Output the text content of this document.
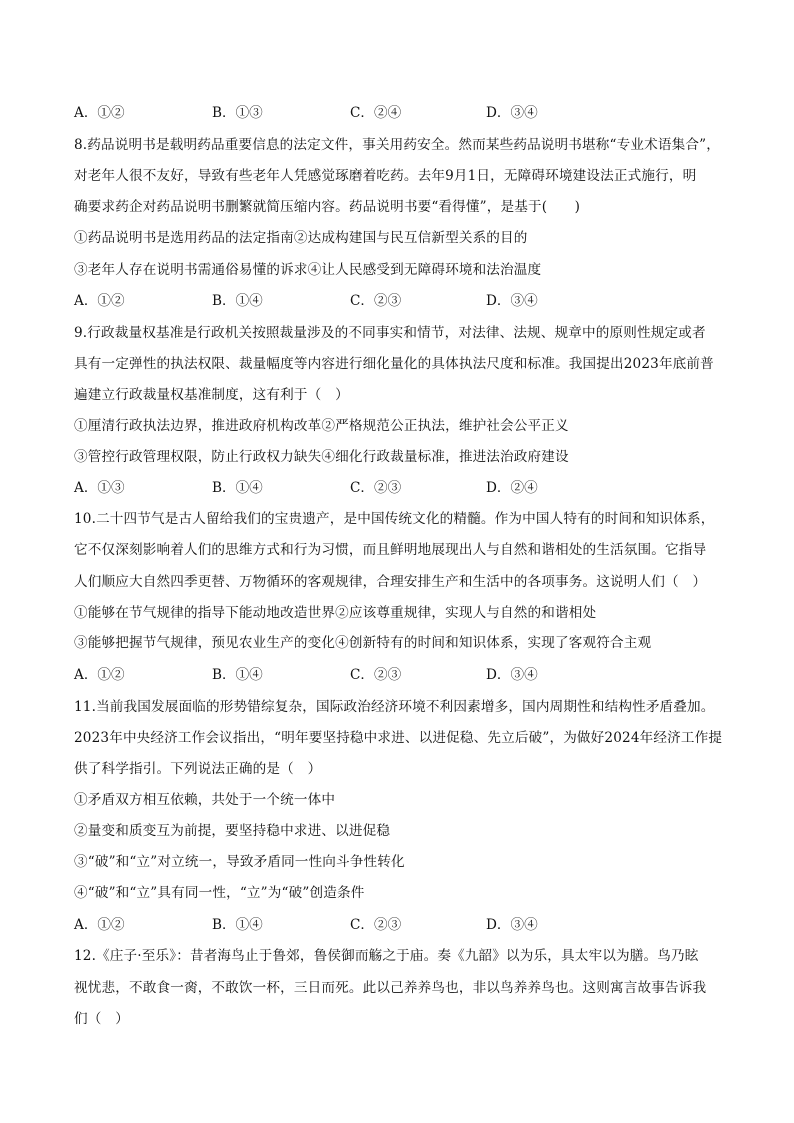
A．①②	B．①③	C．②④	D．③④
8.药品说明书是载明药品重要信息的法定文件，事关用药安全。然而某些药品说明书堪称“专业术语集合”，
对老年人很不友好，导致有些老年人凭感觉琢磨着吃药。去年9月1日，无障碍环境建设法正式施行，明
确要求药企对药品说明书删繁就简压缩内容。药品说明书要“看得懂”，是基于(　　)
①药品说明书是选用药品的法定指南②达成构建国与民互信新型关系的目的
③老年人存在说明书需通俗易懂的诉求④让人民感受到无障碍环境和法治温度
A．①②	B．①④	C．②③	D．③④
9.行政裁量权基准是行政机关按照裁量涉及的不同事实和情节，对法律、法规、规章中的原则性规定或者
具有一定弹性的执法权限、裁量幅度等内容进行细化量化的具体执法尺度和标准。我国提出2023年底前普
遍建立行政裁量权基准制度，这有利于（　）
①厘清行政执法边界，推进政府机构改革②严格规范公正执法，维护社会公平正义
③管控行政管理权限，防止行政权力缺失④细化行政裁量标准，推进法治政府建设
A．①③	B．①④	C．②③	D．②④
10.二十四节气是古人留给我们的宝贵遗产，是中国传统文化的精髓。作为中国人特有的时间和知识体系，
它不仅深刻影响着人们的思维方式和行为习惯，而且鲜明地展现出人与自然和谐相处的生活氛围。它指导
人们顺应大自然四季更替、万物循环的客观规律，合理安排生产和生活中的各项事务。这说明人们（　）
①能够在节气规律的指导下能动地改造世界②应该尊重规律，实现人与自然的和谐相处
③能够把握节气规律，预见农业生产的变化④创新特有的时间和知识体系，实现了客观符合主观
A．①②	B．①④	C．②③	D．③④
11.当前我国发展面临的形势错综复杂，国际政治经济环境不利因素增多，国内周期性和结构性矛盾叠加。
2023年中央经济工作会议指出，“明年要坚持稳中求进、以进促稳、先立后破”，为做好2024年经济工作提
供了科学指引。下列说法正确的是（　）
①矛盾双方相互依赖，共处于一个统一体中
②量变和质变互为前提，要坚持稳中求进、以进促稳
③“破”和“立”对立统一，导致矛盾同一性向斗争性转化
④“破”和“立”具有同一性，“立”为“破”创造条件
A．①②	B．①④	C．②③	D．③④
12.《庄子·至乐》：昔者海鸟止于鲁郊，鲁侯御而觞之于庙。奏《九韶》以为乐，具太牢以为膳。鸟乃眩
视忧悲，不敢食一脔，不敢饮一杯，三日而死。此以己养养鸟也，非以鸟养养鸟也。这则寓言故事告诉我
们（　）
